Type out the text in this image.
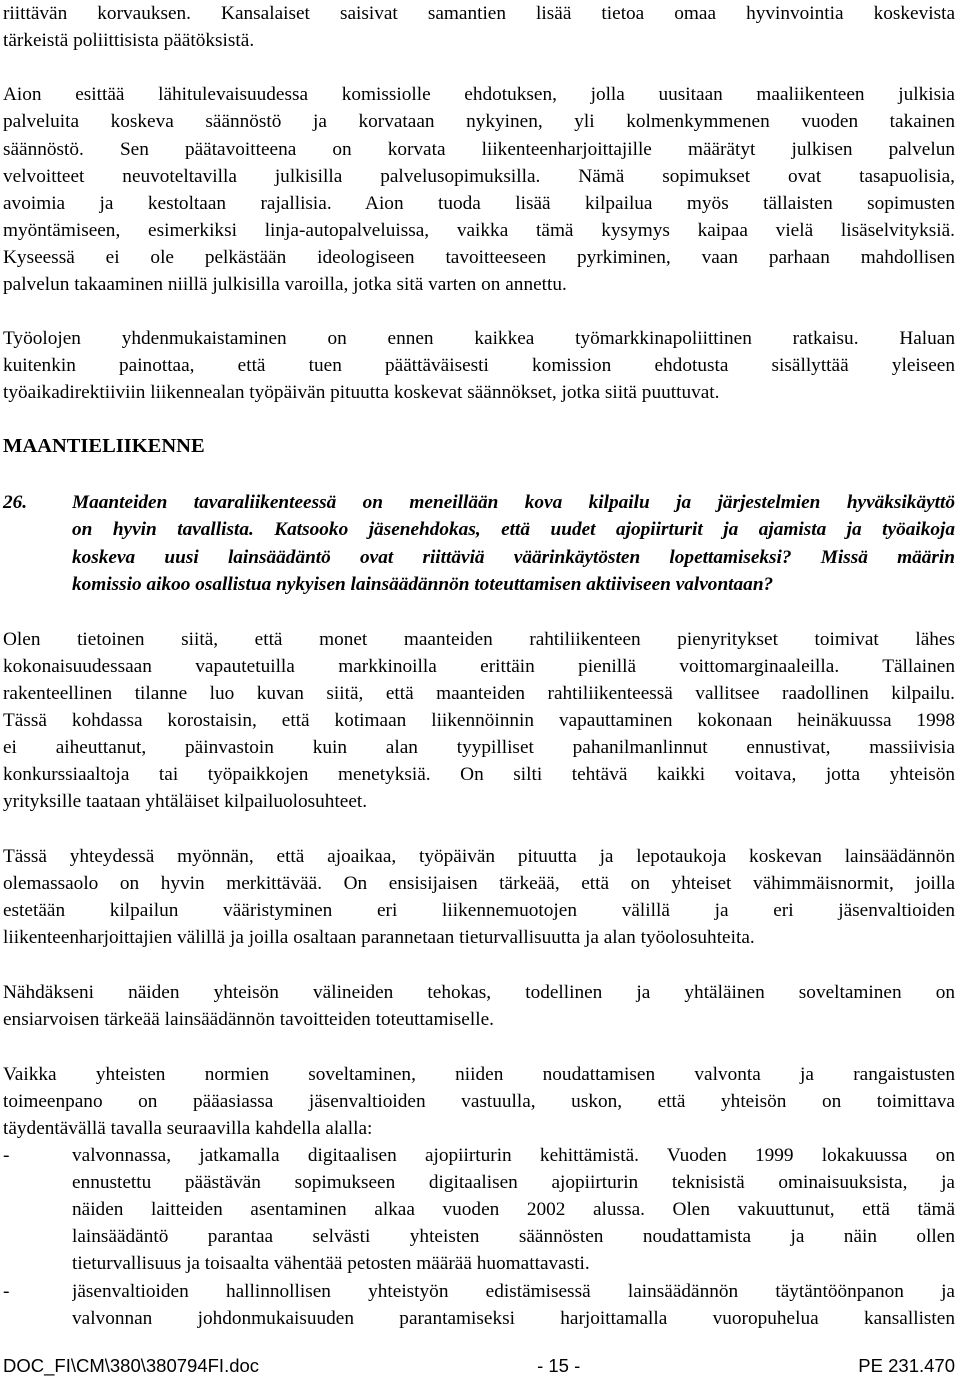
riittävän korvauksen. Kansalaiset saisivat samantien lisää tietoa omaa hyvinvointia koskevista
tärkeistä poliittisista päätöksistä.
Aion esittää lähitulevaisuudessa komissiolle ehdotuksen, jolla uusitaan maaliikenteen julkisia
palveluita koskeva säännöstö ja korvataan nykyinen, yli kolmenkymmenen vuoden takainen
säännöstö. Sen päätavoitteena on korvata liikenteenharjoittajille määrätyt julkisen palvelun
velvoitteet neuvoteltavilla julkisilla palvelusopimuksilla. Nämä sopimukset ovat tasapuolisia,
avoimia ja kestoltaan rajallisia. Aion tuoda lisää kilpailua myös tällaisten sopimusten
myöntämiseen, esimerkiksi linja-autopalveluissa, vaikka tämä kysymys kaipaa vielä lisäselvityksiä.
Kyseessä ei ole pelkästään ideologiseen tavoitteeseen pyrkiminen, vaan parhaan mahdollisen
palvelun takaaminen niillä julkisilla varoilla, jotka sitä varten on annettu.
Työolojen yhdenmukaistaminen on ennen kaikkea työmarkkinapoliittinen ratkaisu. Haluan
kuitenkin painottaa, että tuen päättäväisesti komission ehdotusta sisällyttää yleiseen
työaikadirektiiviin liikennealan työpäivän pituutta koskevat säännökset, jotka siitä puuttuvat.
MAANTIELIIKENNE
26. Maanteiden tavaraliikenteessä on meneillään kova kilpailu ja järjestelmien hyväksikäyttö
on hyvin tavallista. Katsooko jäsenehdokas, että uudet ajopiirturit ja ajamista ja työaikoja
koskeva uusi lainsäädäntö ovat riittäviä väärinkäytösten lopettamiseksi? Missä määrin
komissio aikoo osallistua nykyisen lainsäädännön toteuttamisen aktiiviseen valvontaan?
Olen tietoinen siitä, että monet maanteiden rahtiliikenteen pienyritykset toimivat lähes
kokonaisuudessaan vapautetuilla markkinoilla erittäin pienillä voittomarginaaleilla. Tällainen
rakenteellinen tilanne luo kuvan siitä, että maanteiden rahtiliikenteessä vallitsee raadollinen kilpailu.
Tässä kohdassa korostaisin, että kotimaan liikennöinnin vapauttaminen kokonaan heinäkuussa 1998
ei aiheuttanut, päinvastoin kuin alan tyypilliset pahanilmanlinnut ennustivat, massiivisia
konkurssiaaltoja tai työpaikkojen menetyksiä. On silti tehtävä kaikki voitava, jotta yhteisön
yrityksille taataan yhtäläiset kilpailuolosuhteet.
Tässä yhteydessä myönnän, että ajoaikaa, työpäivän pituutta ja lepotaukoja koskevan lainsäädännön
olemassaolo on hyvin merkittävää. On ensisijaisen tärkeää, että on yhteiset vähimmäisnormit, joilla
estetään kilpailun vääristyminen eri liikennemuotojen välillä ja eri jäsenvaltioiden
liikenteenharjoittajien välillä ja joilla osaltaan parannetaan tieturvallisuutta ja alan työolosuhteita.
Nähdäkseni näiden yhteisön välineiden tehokas, todellinen ja yhtäläinen soveltaminen on
ensiarvoisen tärkeää lainsäädännön tavoitteiden toteuttamiselle.
Vaikka yhteisten normien soveltaminen, niiden noudattamisen valvonta ja rangaistusten
toimeenpano on pääasiassa jäsenvaltioiden vastuulla, uskon, että yhteisön on toimittava
täydentävällä tavalla seuraavilla kahdella alalla:
-	valvonnassa, jatkamalla digitaalisen ajopiirturin kehittämistä. Vuoden 1999 lokakuussa on
ennustettu päästävän sopimukseen digitaalisen ajopiirturin teknisistä ominaisuuksista, ja
näiden laitteiden asentaminen alkaa vuoden 2002 alussa. Olen vakuuttunut, että tämä
lainsäädäntö parantaa selvästi yhteisten säännösten noudattamista ja näin ollen
tieturvallisuus ja toisaalta vähentää petosten määrää huomattavasti.
-	jäsenvaltioiden hallinnollisen yhteistyön edistämisessä lainsäädännön täytäntöönpanon ja
valvonnan johdonmukaisuuden parantamiseksi harjoittamalla vuoropuhelua kansallisten
DOC_FI\CM\380\380794FI.doc	- 15 -	PE 231.470
